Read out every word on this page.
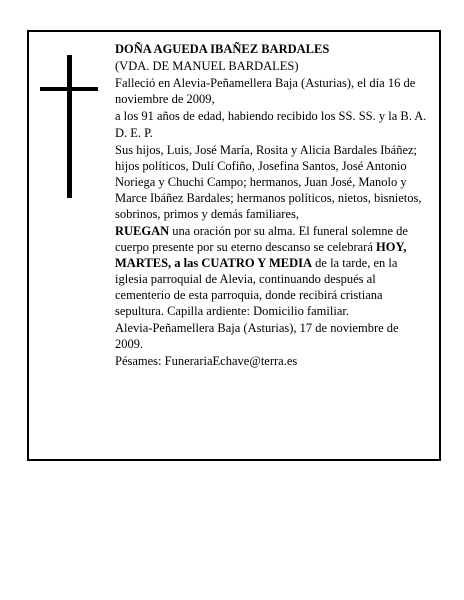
DOÑA AGUEDA IBAÑEZ BARDALES

(VDA. DE MANUEL BARDALES)

Falleció en Alevia-Peñamellera Baja (Asturias), el día 16 de noviembre de 2009,

a los 91 años de edad, habiendo recibido los SS. SS. y la B. A.

D. E. P.

Sus hijos, Luis, José María, Rosita y Alicia Bardales Ibáñez; hijos políticos, Dulí Cofiño, Josefina Santos, José Antonio Noriega y Chuchi Campo; hermanos, Juan José, Manolo y Marce Ibáñez Bardales; hermanos políticos, nietos, bisnietos, sobrinos, primos y demás familiares,

RUEGAN una oración por su alma. El funeral solemne de cuerpo presente por su eterno descanso se celebrará HOY, MARTES, a las CUATRO Y MEDIA de la tarde, en la iglesia parroquial de Alevia, continuando después al cementerio de esta parroquia, donde recibirá cristiana sepultura. Capilla ardiente: Domicilio familiar.

Alevia-Peñamellera Baja (Asturias), 17 de noviembre de 2009.

Pésames: FunerariaEchave@terra.es
